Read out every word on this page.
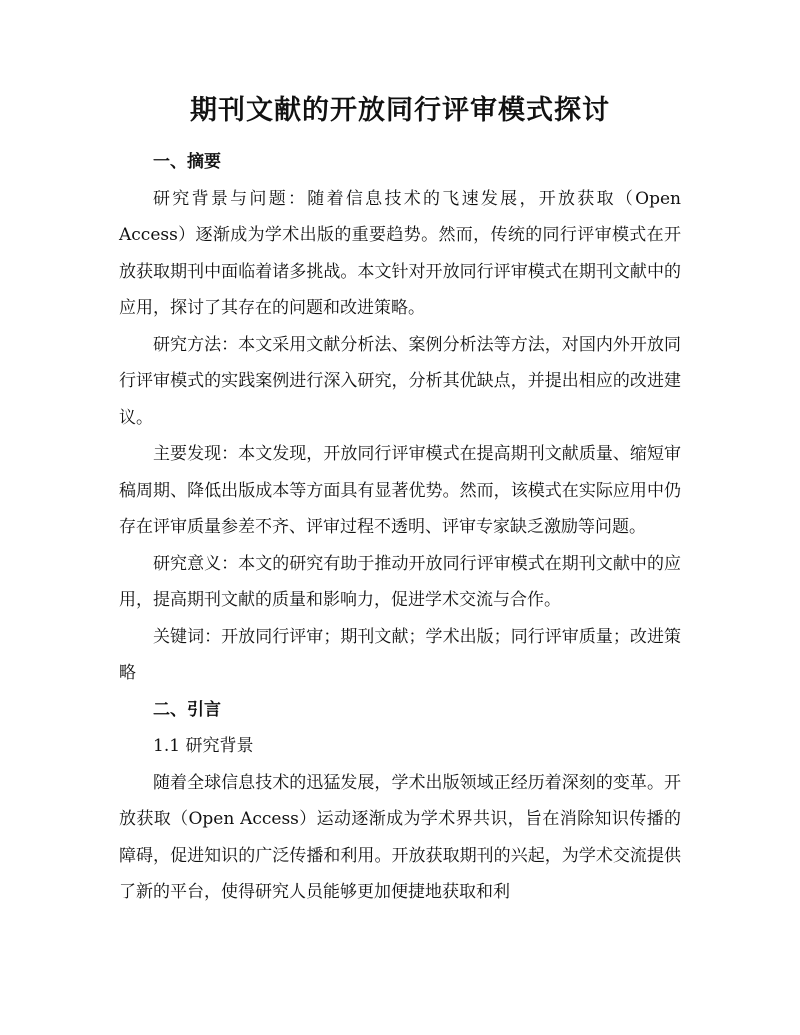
期刊文献的开放同行评审模式探讨
一、摘要

研究背景与问题：随着信息技术的飞速发展，开放获取（Open Access）逐渐成为学术出版的重要趋势。然而，传统的同行评审模式在开放获取期刊中面临着诸多挑战。本文针对开放同行评审模式在期刊文献中的应用，探讨了其存在的问题和改进策略。

研究方法：本文采用文献分析法、案例分析法等方法，对国内外开放同行评审模式的实践案例进行深入研究，分析其优缺点，并提出相应的改进建议。

主要发现：本文发现，开放同行评审模式在提高期刊文献质量、缩短审稿周期、降低出版成本等方面具有显著优势。然而，该模式在实际应用中仍存在评审质量参差不齐、评审过程不透明、评审专家缺乏激励等问题。

研究意义：本文的研究有助于推动开放同行评审模式在期刊文献中的应用，提高期刊文献的质量和影响力，促进学术交流与合作。

关键词：开放同行评审；期刊文献；学术出版；同行评审质量；改进策略

二、引言
1.1 研究背景

随着全球信息技术的迅猛发展，学术出版领域正经历着深刻的变革。开放获取（Open Access）运动逐渐成为学术界共识，旨在消除知识传播的障碍，促进知识的广泛传播和利用。开放获取期刊的兴起，为学术交流提供了新的平台，使得研究人员能够更加便捷地获取和利
